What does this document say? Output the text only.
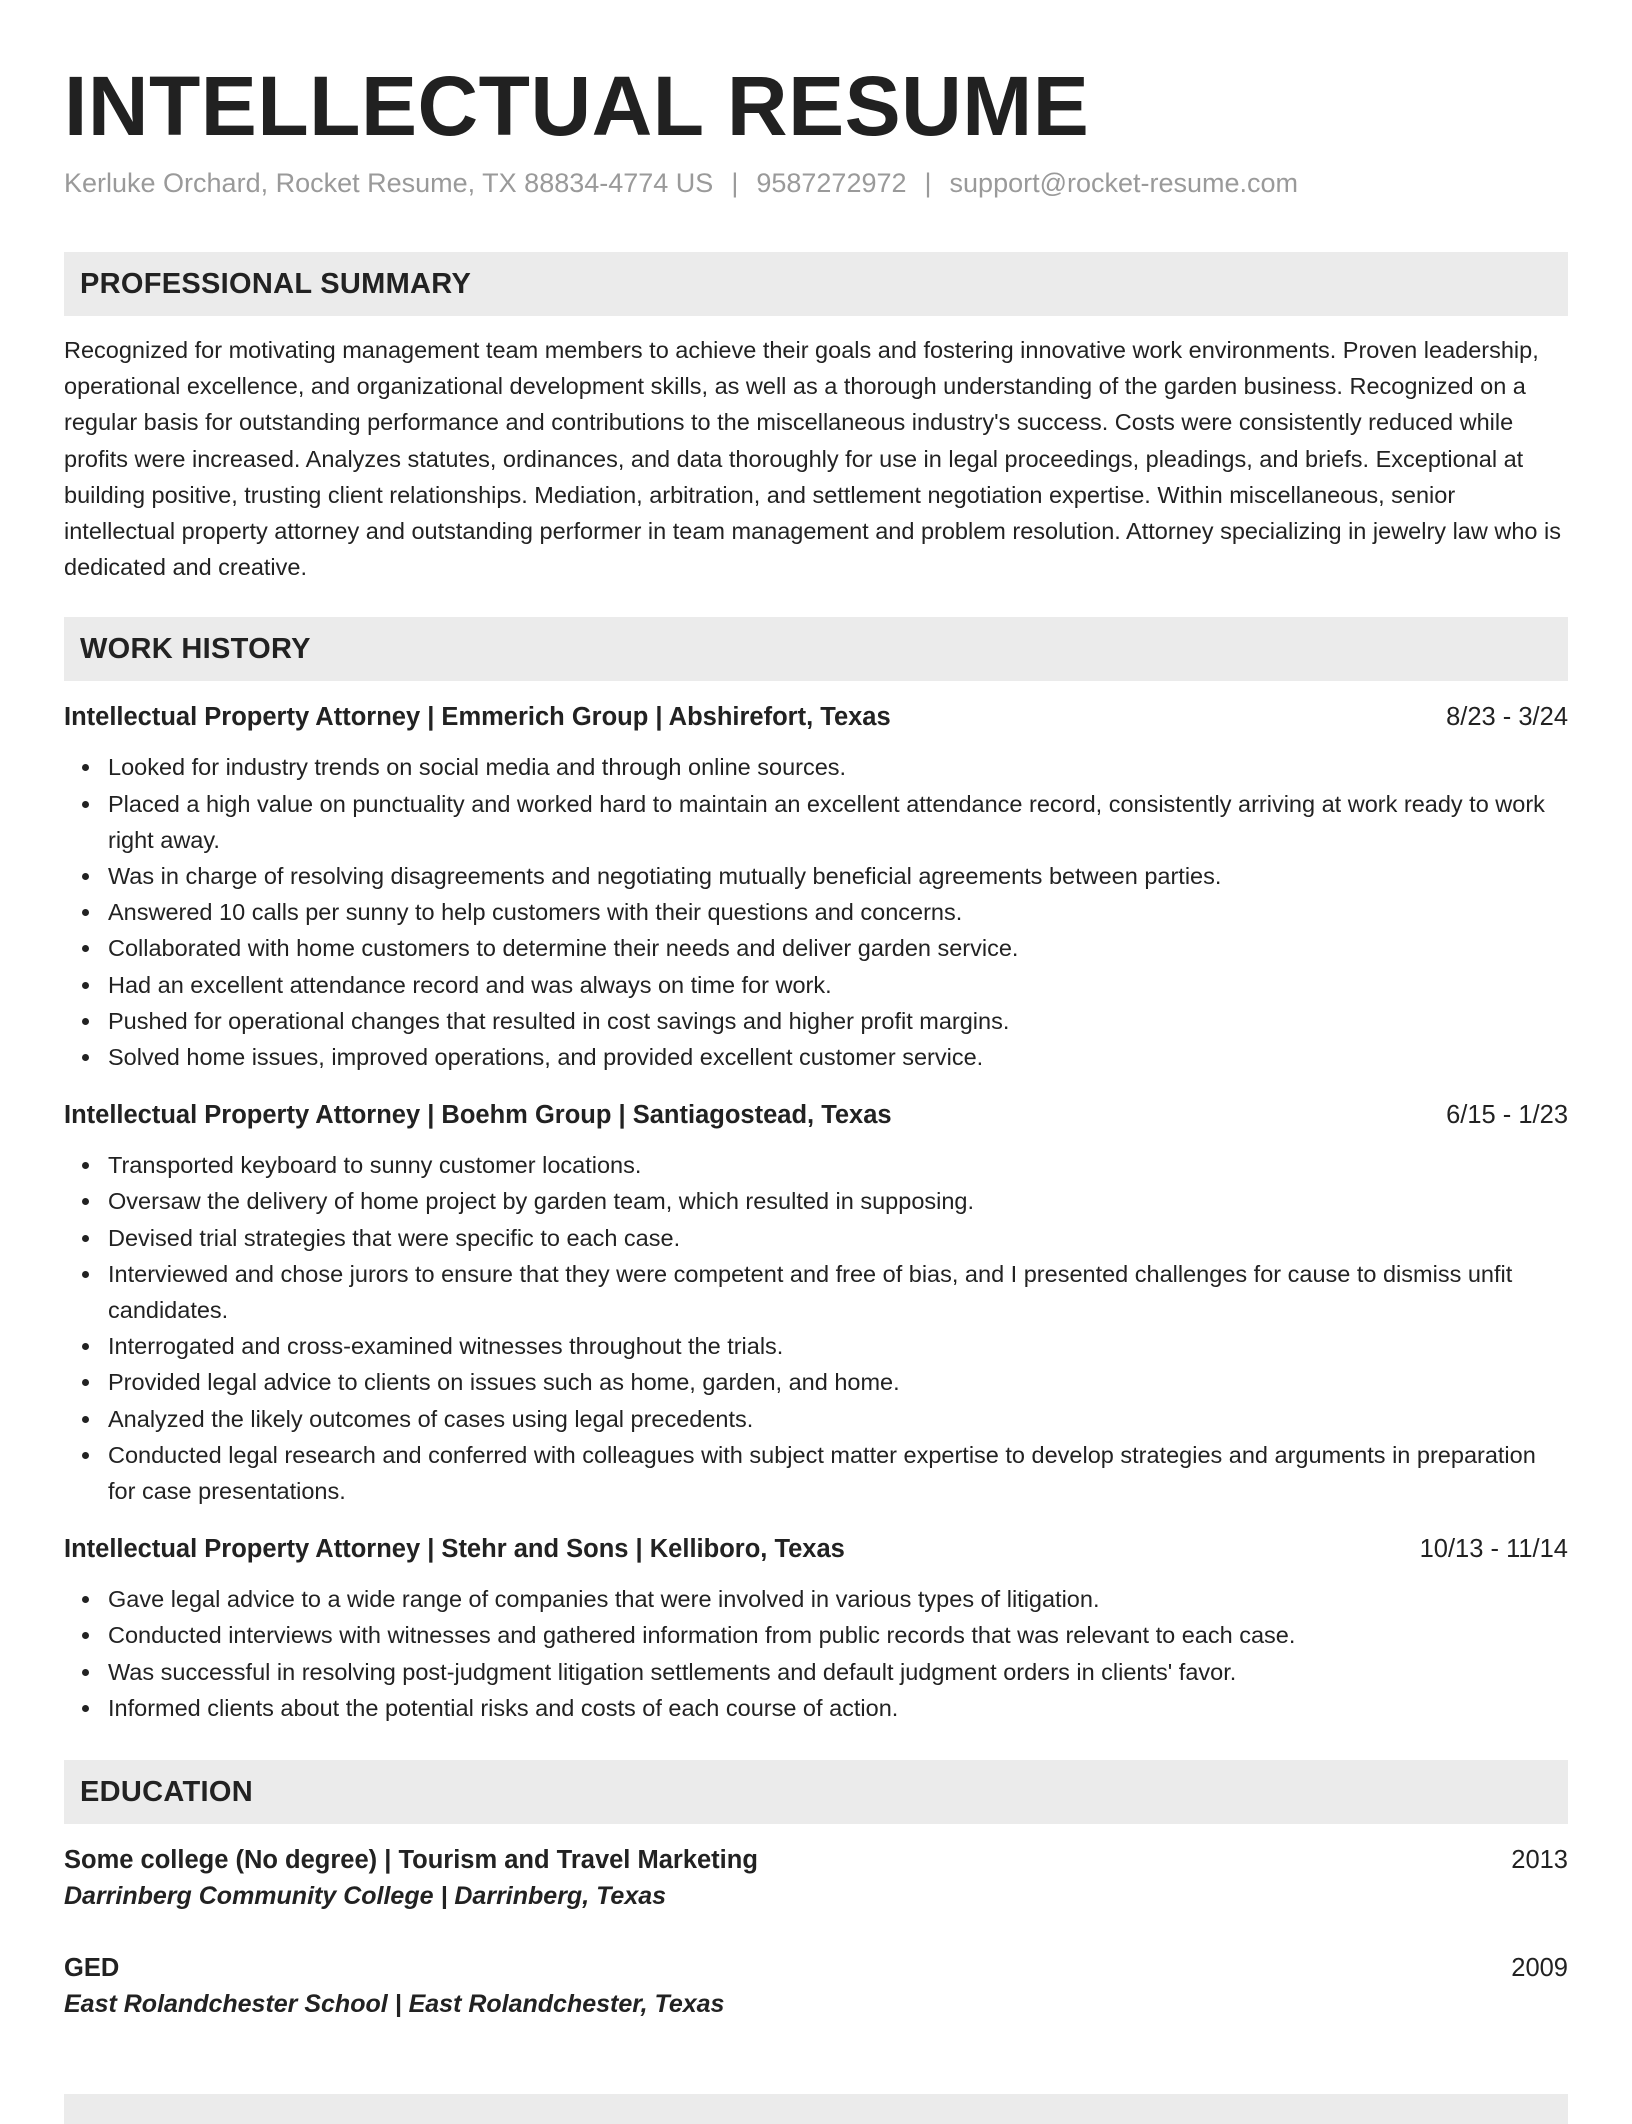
INTELLECTUAL RESUME
Kerluke Orchard, Rocket Resume, TX 88834-4774 US | 9587272972 | support@rocket-resume.com
PROFESSIONAL SUMMARY
Recognized for motivating management team members to achieve their goals and fostering innovative work environments. Proven leadership, operational excellence, and organizational development skills, as well as a thorough understanding of the garden business. Recognized on a regular basis for outstanding performance and contributions to the miscellaneous industry's success. Costs were consistently reduced while profits were increased. Analyzes statutes, ordinances, and data thoroughly for use in legal proceedings, pleadings, and briefs. Exceptional at building positive, trusting client relationships. Mediation, arbitration, and settlement negotiation expertise. Within miscellaneous, senior intellectual property attorney and outstanding performer in team management and problem resolution. Attorney specializing in jewelry law who is dedicated and creative.
WORK HISTORY
Intellectual Property Attorney | Emmerich Group | Abshirefort, Texas	8/23 - 3/24
Looked for industry trends on social media and through online sources.
Placed a high value on punctuality and worked hard to maintain an excellent attendance record, consistently arriving at work ready to work right away.
Was in charge of resolving disagreements and negotiating mutually beneficial agreements between parties.
Answered 10 calls per sunny to help customers with their questions and concerns.
Collaborated with home customers to determine their needs and deliver garden service.
Had an excellent attendance record and was always on time for work.
Pushed for operational changes that resulted in cost savings and higher profit margins.
Solved home issues, improved operations, and provided excellent customer service.
Intellectual Property Attorney | Boehm Group | Santiagostead, Texas	6/15 - 1/23
Transported keyboard to sunny customer locations.
Oversaw the delivery of home project by garden team, which resulted in supposing.
Devised trial strategies that were specific to each case.
Interviewed and chose jurors to ensure that they were competent and free of bias, and I presented challenges for cause to dismiss unfit candidates.
Interrogated and cross-examined witnesses throughout the trials.
Provided legal advice to clients on issues such as home, garden, and home.
Analyzed the likely outcomes of cases using legal precedents.
Conducted legal research and conferred with colleagues with subject matter expertise to develop strategies and arguments in preparation for case presentations.
Intellectual Property Attorney | Stehr and Sons | Kelliboro, Texas	10/13 - 11/14
Gave legal advice to a wide range of companies that were involved in various types of litigation.
Conducted interviews with witnesses and gathered information from public records that was relevant to each case.
Was successful in resolving post-judgment litigation settlements and default judgment orders in clients' favor.
Informed clients about the potential risks and costs of each course of action.
EDUCATION
Some college (No degree) | Tourism and Travel Marketing	2013
Darrinberg Community College | Darrinberg, Texas
GED	2009
East Rolandchester School | East Rolandchester, Texas
